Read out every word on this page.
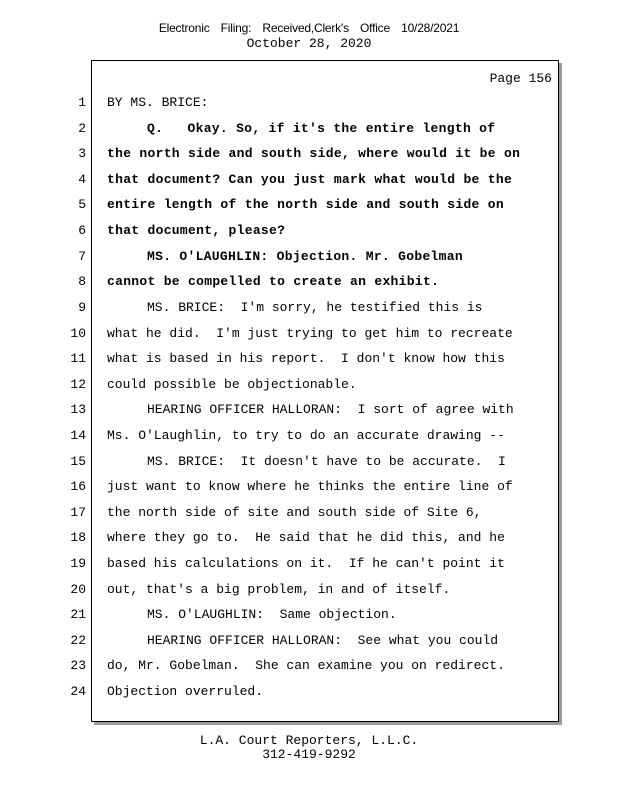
Electronic Filing: Received,Clerk's Office 10/28/2021
October 28, 2020
Page 156
1
2
3
4
5
6
7
8
9
10
11
12
13
14
15
16
17
18
19
20
21
22
23
24
BY MS. BRICE:
Q.   Okay. So, if it's the entire length of
the north side and south side, where would it be on
that document? Can you just mark what would be the
entire length of the north side and south side on
that document, please?
MS. O'LAUGHLIN: Objection. Mr. Gobelman
cannot be compelled to create an exhibit.
MS. BRICE:  I'm sorry, he testified this is
what he did.  I'm just trying to get him to recreate
what is based in his report.  I don't know how this
could possible be objectionable.
HEARING OFFICER HALLORAN:  I sort of agree with
Ms. O'Laughlin, to try to do an accurate drawing --
MS. BRICE:  It doesn't have to be accurate.  I
just want to know where he thinks the entire line of
the north side of site and south side of Site 6,
where they go to.  He said that he did this, and he
based his calculations on it.  If he can't point it
out, that's a big problem, in and of itself.
MS. O'LAUGHLIN:  Same objection.
HEARING OFFICER HALLORAN:  See what you could
do, Mr. Gobelman.  She can examine you on redirect.
Objection overruled.
L.A. Court Reporters, L.L.C.
312-419-9292
